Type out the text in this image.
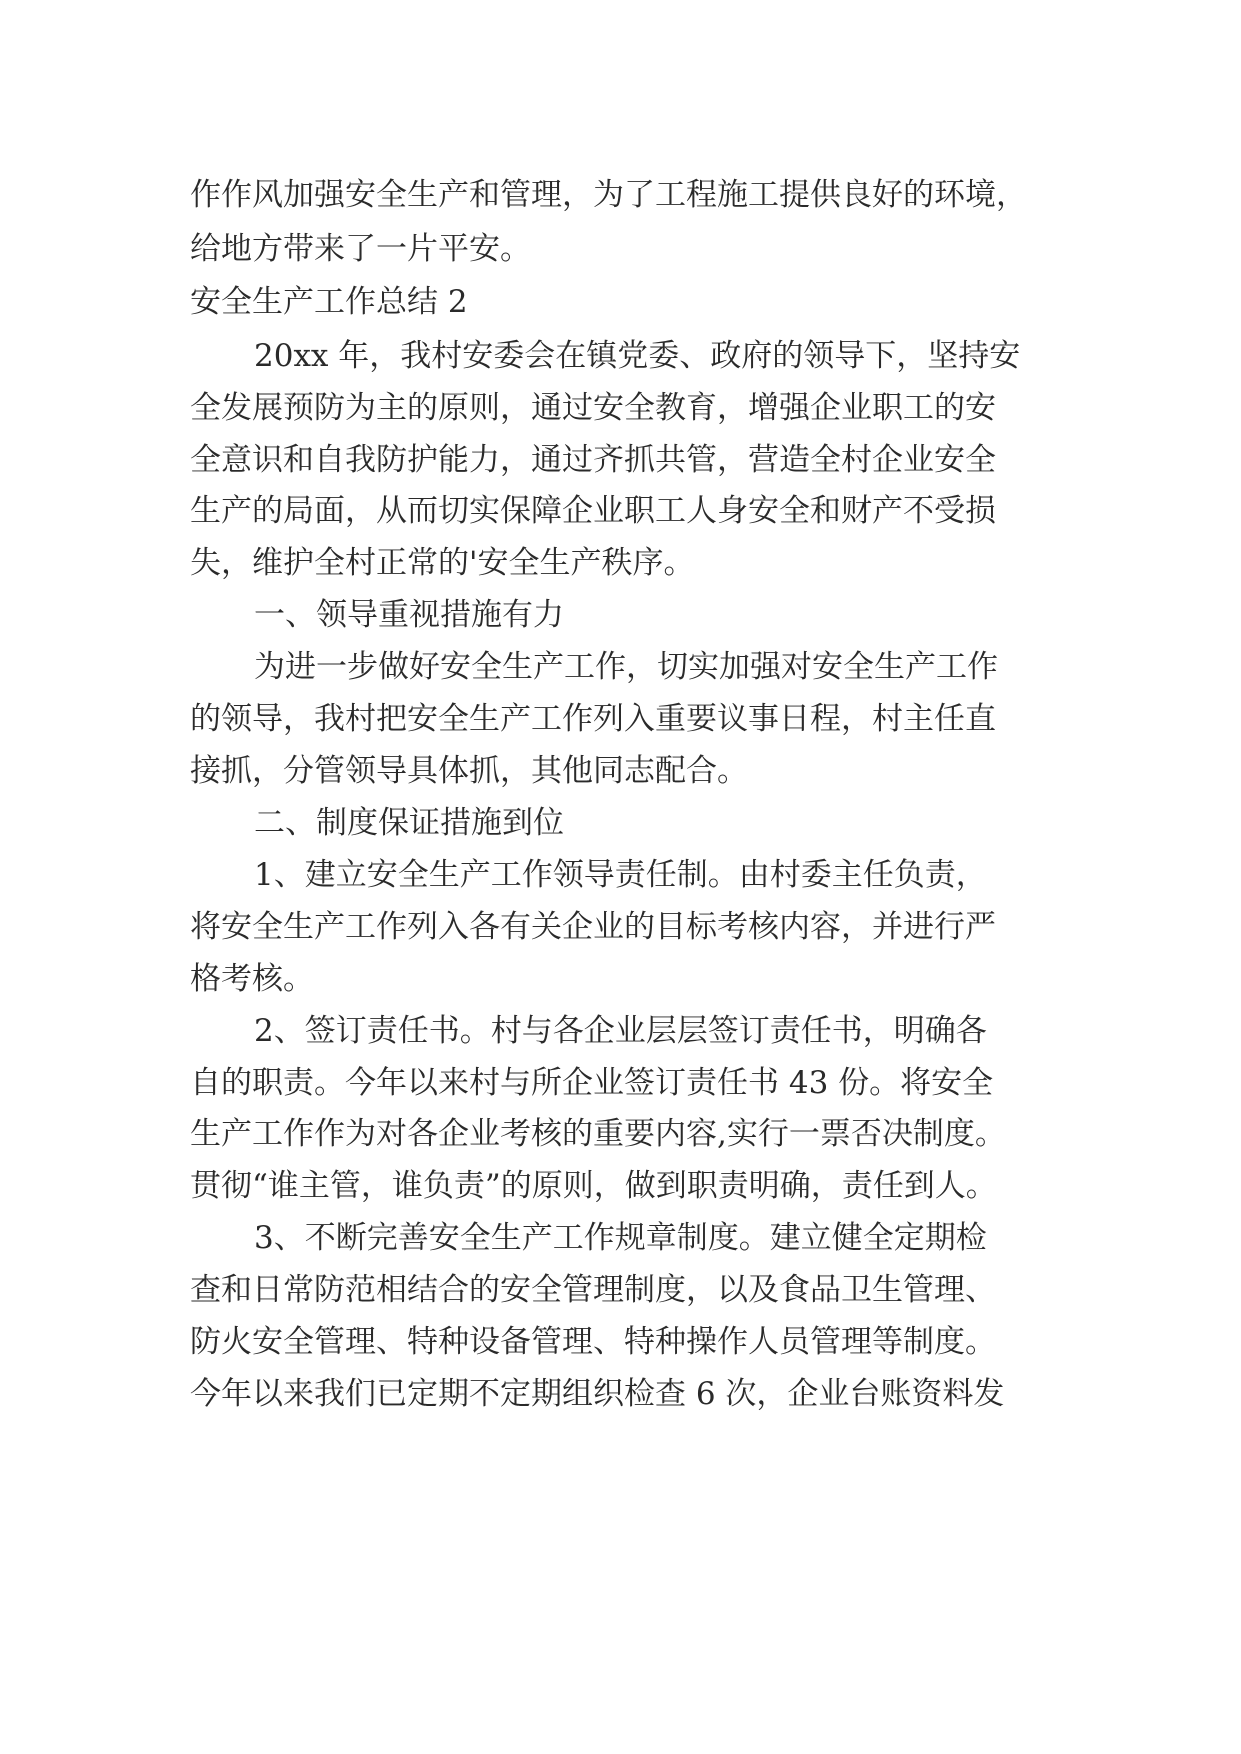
作作风加强安全生产和管理，为了工程施工提供良好的环境，
给地方带来了一片平安。
安全生产工作总结 2
20xx 年，我村安委会在镇党委、政府的领导下，坚持安
全发展预防为主的原则，通过安全教育，增强企业职工的安
全意识和自我防护能力，通过齐抓共管，营造全村企业安全
生产的局面，从而切实保障企业职工人身安全和财产不受损
失，维护全村正常的'安全生产秩序。
一、领导重视措施有力
为进一步做好安全生产工作，切实加强对安全生产工作
的领导，我村把安全生产工作列入重要议事日程，村主任直
接抓，分管领导具体抓，其他同志配合。
二、制度保证措施到位
1、建立安全生产工作领导责任制。由村委主任负责，
将安全生产工作列入各有关企业的目标考核内容，并进行严
格考核。
2、签订责任书。村与各企业层层签订责任书，明确各
自的职责。今年以来村与所企业签订责任书 43 份。将安全
生产工作作为对各企业考核的重要内容,实行一票否决制度。
贯彻“谁主管，谁负责”的原则，做到职责明确，责任到人。
3、不断完善安全生产工作规章制度。建立健全定期检
查和日常防范相结合的安全管理制度，以及食品卫生管理、
防火安全管理、特种设备管理、特种操作人员管理等制度。
今年以来我们已定期不定期组织检查 6 次，企业台账资料发
